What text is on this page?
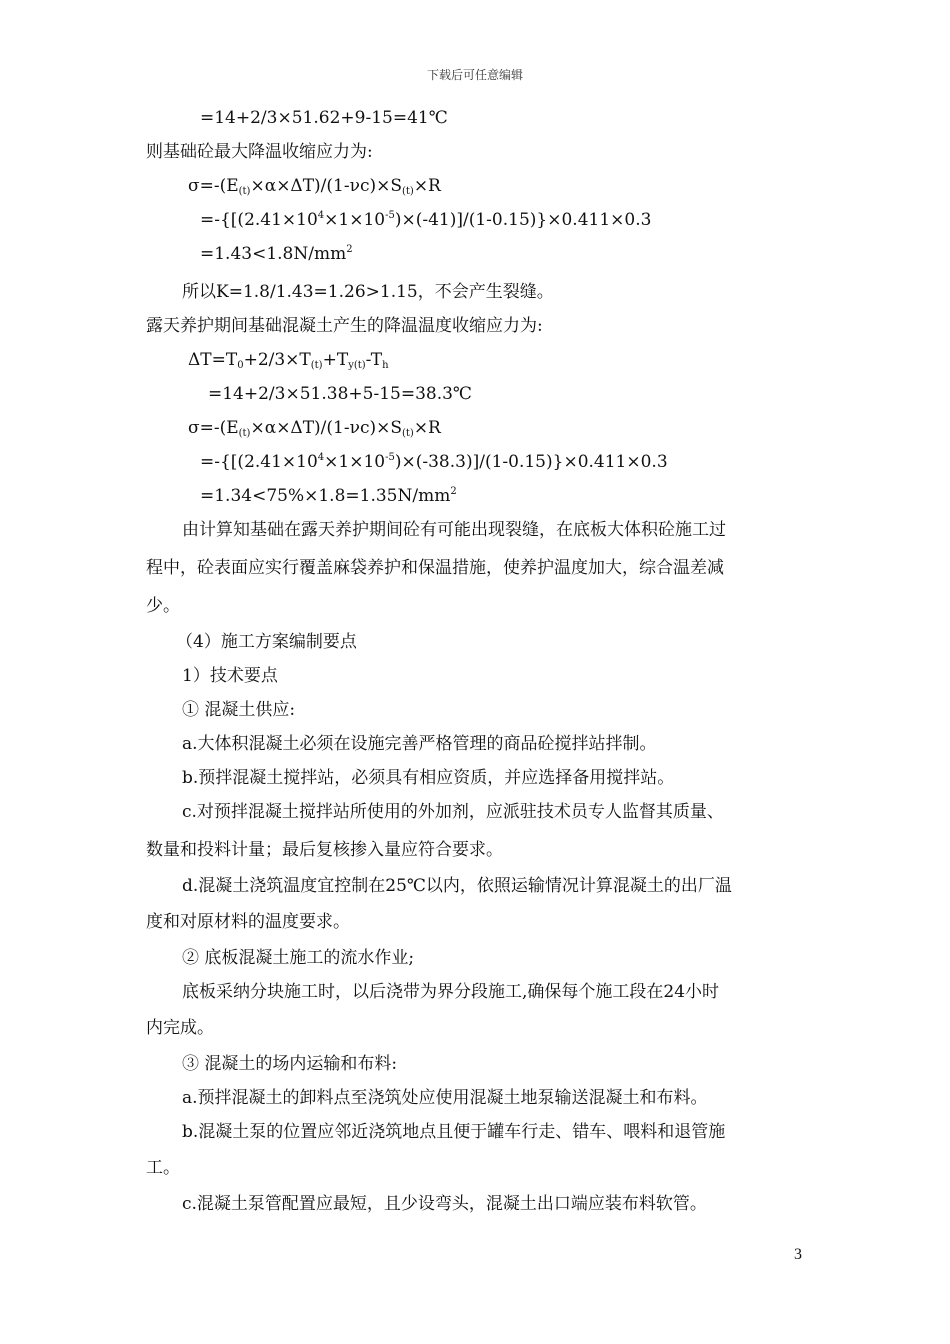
下载后可任意编辑
=14+2/3×51.62+9-15=41℃
则基础砼最大降温收缩应力为:
$\sigma=-(E_{(t)}\times\alpha\times\Delta T)/(1-\nu c)\times S_{(t)}\times R$
$=-\{[(2.41\times 10^4\times 1\times 10^{-5})\times(-41)]/(1-0.15)\}\times 0.411\times 0.3$
$=1.43<1.8N/mm^2$
所以K=1.8/1.43=1.26>1.15，不会产生裂缝。
露天养护期间基础混凝土产生的降温温度收缩应力为:
$\Delta T=T_0+2/3\times T_{(t)}+T_{y(t)}-T_h$
=14+2/3×51.38+5-15=38.3℃
$\sigma=-(E_{(t)}\times\alpha\times\Delta T)/(1-\nu c)\times S_{(t)}\times R$
$=-\{[(2.41\times 10^4\times 1\times 10^{-5})\times(-38.3)]/(1-0.15)\}\times 0.411\times 0.3$
$=1.34<75\%\times 1.8=1.35N/mm^2$
由计算知基础在露天养护期间砼有可能出现裂缝，在底板大体积砼施工过
程中，砼表面应实行覆盖麻袋养护和保温措施，使养护温度加大，综合温差减
少。
（4）施工方案编制要点
1）技术要点
① 混凝土供应:
a.大体积混凝土必须在设施完善严格管理的商品砼搅拌站拌制。
b.预拌混凝土搅拌站，必须具有相应资质，并应选择备用搅拌站。
c.对预拌混凝土搅拌站所使用的外加剂，应派驻技术员专人监督其质量、
数量和投料计量；最后复核掺入量应符合要求。
d.混凝土浇筑温度宜控制在25℃以内，依照运输情况计算混凝土的出厂温
度和对原材料的温度要求。
② 底板混凝土施工的流水作业;
底板采纳分块施工时，以后浇带为界分段施工,确保每个施工段在24小时
内完成。
③ 混凝土的场内运输和布料:
a.预拌混凝土的卸料点至浇筑处应使用混凝土地泵输送混凝土和布料。
b.混凝土泵的位置应邻近浇筑地点且便于罐车行走、错车、喂料和退管施
工。
c.混凝土泵管配置应最短，且少设弯头，混凝土出口端应装布料软管。
3
